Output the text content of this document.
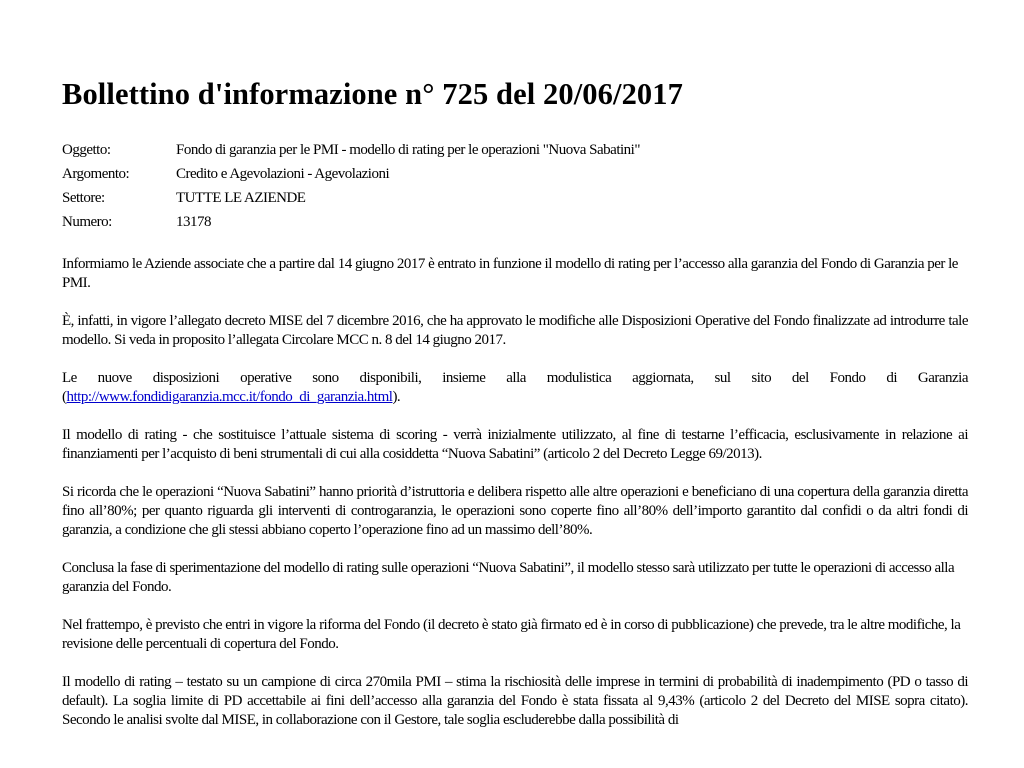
Bollettino d'informazione n° 725 del 20/06/2017
Oggetto:	Fondo di garanzia per le PMI - modello di rating per le operazioni "Nuova Sabatini"
Argomento:	Credito e Agevolazioni - Agevolazioni
Settore:	TUTTE LE AZIENDE
Numero:	13178

Informiamo le Aziende associate che a partire dal 14 giugno 2017 è entrato in funzione il modello di rating per l’accesso alla garanzia del Fondo di Garanzia per le PMI.

È, infatti, in vigore l’allegato decreto MISE del 7 dicembre 2016, che ha approvato le modifiche alle Disposizioni Operative del Fondo finalizzate ad introdurre tale modello. Si veda in proposito l’allegata Circolare MCC n. 8 del 14 giugno 2017.

Le nuove disposizioni operative sono disponibili, insieme alla modulistica aggiornata, sul sito del Fondo di Garanzia (http://www.fondidigaranzia.mcc.it/fondo_di_garanzia.html).

Il modello di rating - che sostituisce l’attuale sistema di scoring - verrà inizialmente utilizzato, al fine di testarne l’efficacia, esclusivamente in relazione ai finanziamenti per l’acquisto di beni strumentali di cui alla cosiddetta “Nuova Sabatini” (articolo 2 del Decreto Legge 69/2013).

Si ricorda che le operazioni “Nuova Sabatini” hanno priorità d’istruttoria e delibera rispetto alle altre operazioni e beneficiano di una copertura della garanzia diretta fino all’80%; per quanto riguarda gli interventi di controgaranzia, le operazioni sono coperte fino all’80% dell’importo garantito dal confidi o da altri fondi di garanzia, a condizione che gli stessi abbiano coperto l’operazione fino ad un massimo dell’80%.

Conclusa la fase di sperimentazione del modello di rating sulle operazioni “Nuova Sabatini”, il modello stesso sarà utilizzato per tutte le operazioni di accesso alla garanzia del Fondo.

Nel frattempo, è previsto che entri in vigore la riforma del Fondo (il decreto è stato già firmato ed è in corso di pubblicazione) che prevede, tra le altre modifiche, la revisione delle percentuali di copertura del Fondo.

Il modello di rating – testato su un campione di circa 270mila PMI – stima la rischiosità delle imprese in termini di probabilità di inadempimento (PD o tasso di default). La soglia limite di PD accettabile ai fini dell’accesso alla garanzia del Fondo è stata fissata al 9,43% (articolo 2 del Decreto del MISE sopra citato). Secondo le analisi svolte dal MISE, in collaborazione con il Gestore, tale soglia escluderebbe dalla possibilità di
